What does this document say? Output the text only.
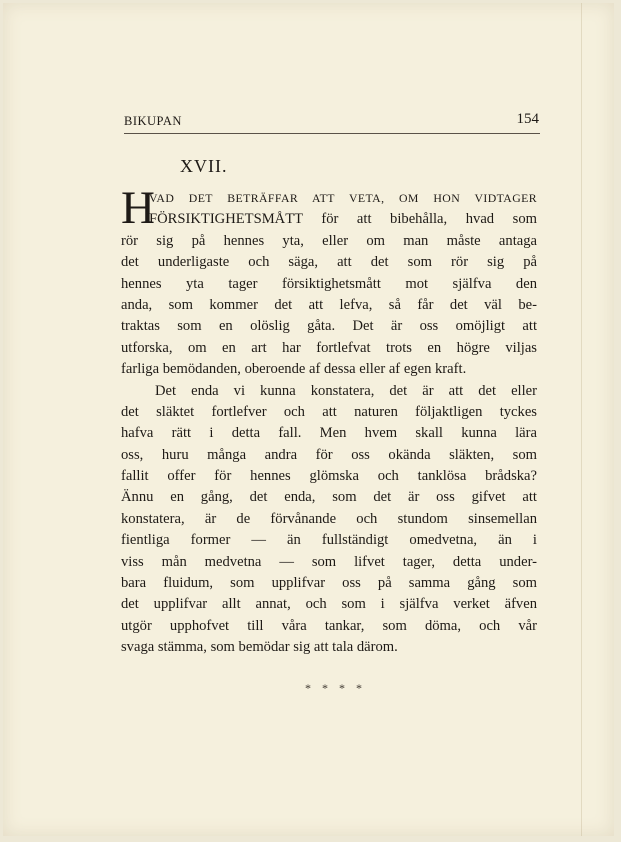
BIKUPAN	154
XVII.
H
VAD DET BETRÄFFAR ATT VETA, OM HON VIDTAGER
FÖRSIKTIGHETSMÅTT för att bibehålla, hvad som
rör sig på hennes yta, eller om man måste antaga
det underligaste och säga, att det som rör sig på
hennes yta tager försiktighetsmått mot själfva den
anda, som kommer det att lefva, så får det väl be-
traktas som en olöslig gåta. Det är oss omöjligt att
utforska, om en art har fortlefvat trots en högre viljas
farliga bemödanden, oberoende af dessa eller af egen kraft.
Det enda vi kunna konstatera, det är att det eller
det släktet fortlefver och att naturen följaktligen tyckes
hafva rätt i detta fall. Men hvem skall kunna lära
oss, huru många andra för oss okända släkten, som
fallit offer för hennes glömska och tanklösa brådska?
Ännu en gång, det enda, som det är oss gifvet att
konstatera, är de förvånande och stundom sinsemellan
fientliga former — än fullständigt omedvetna, än i
viss mån medvetna — som lifvet tager, detta under-
bara fluidum, som upplifvar oss på samma gång som
det upplifvar allt annat, och som i själfva verket äfven
utgör upphofvet till våra tankar, som döma, och vår
svaga stämma, som bemödar sig att tala därom.
* * * *
